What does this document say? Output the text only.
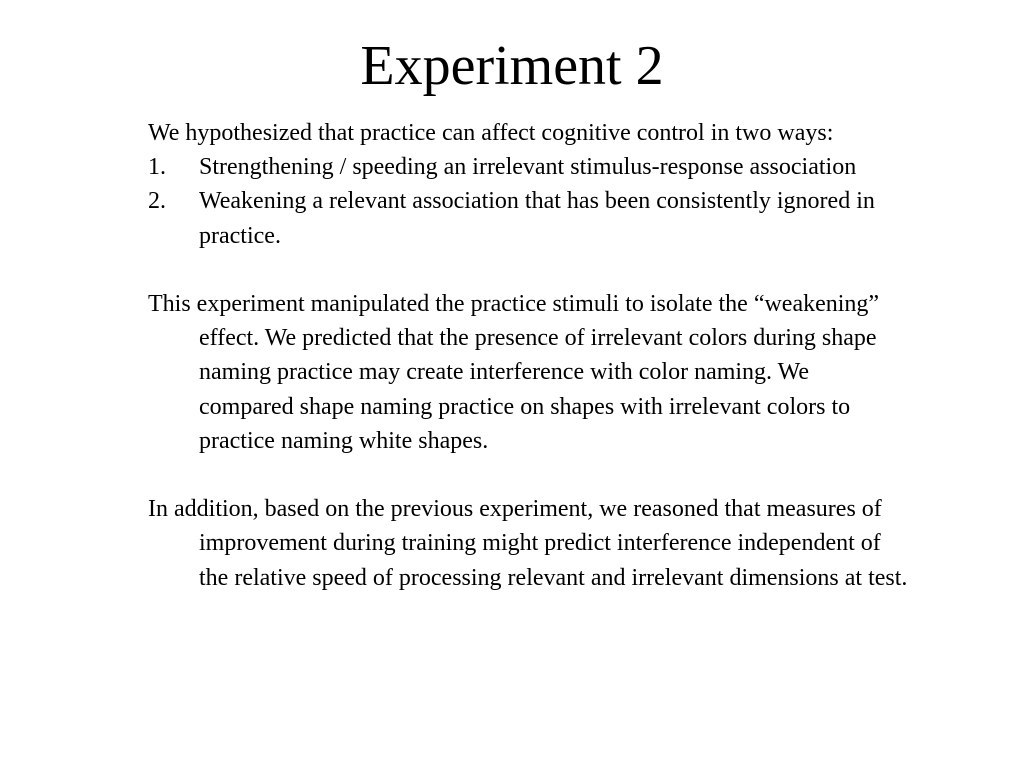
Experiment 2

We hypothesized that practice can affect cognitive control in two ways:

1. Strengthening / speeding an irrelevant stimulus-response association
2. Weakening a relevant association that has been consistently ignored in practice.

This experiment manipulated the practice stimuli to isolate the “weakening” effect. We predicted that the presence of irrelevant colors during shape naming practice may create interference with color naming. We compared shape naming practice on shapes with irrelevant colors to practice naming white shapes.

In addition, based on the previous experiment, we reasoned that measures of improvement during training might predict interference independent of the relative speed of processing relevant and irrelevant dimensions at test.
